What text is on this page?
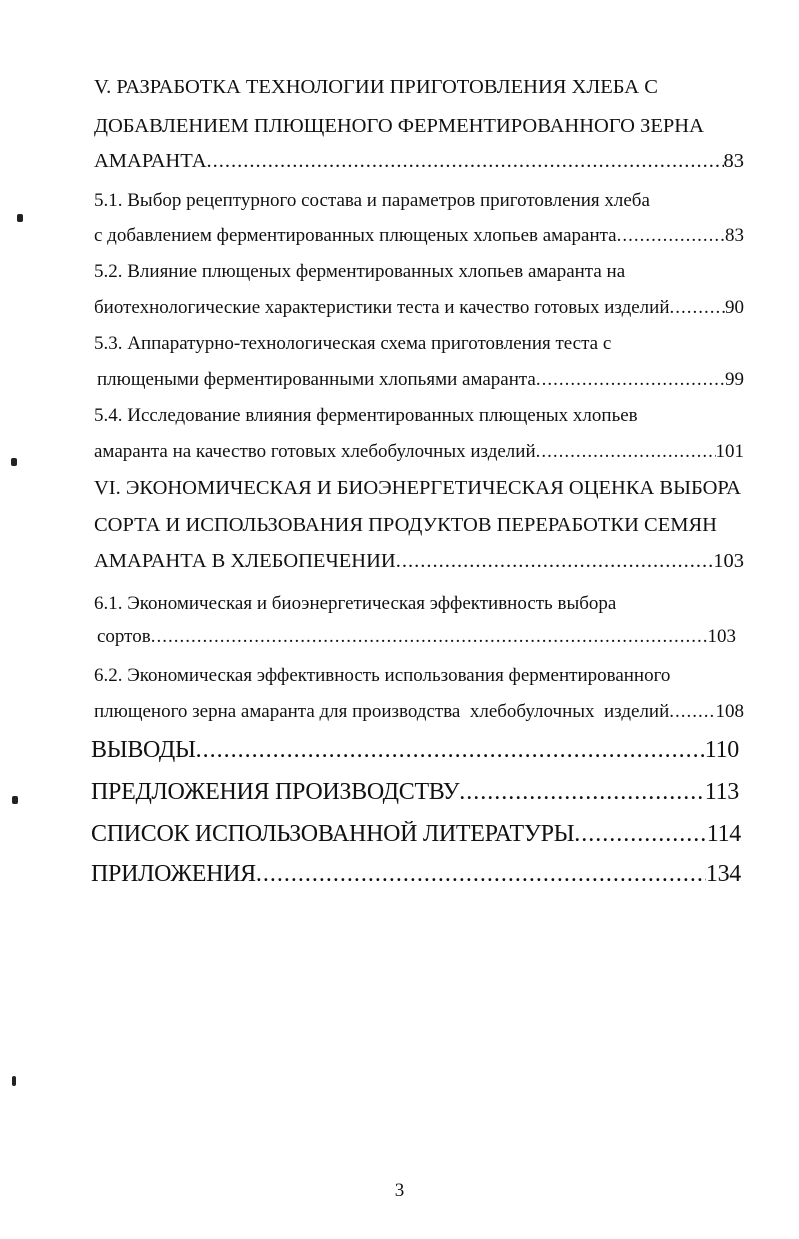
V. РАЗРАБОТКА ТЕХНОЛОГИИ ПРИГОТОВЛЕНИЯ ХЛЕБА С
ДОБАВЛЕНИЕМ ПЛЮЩЕНОГО ФЕРМЕНТИРОВАННОГО ЗЕРНА
АМАРАНТА .....	83
5.1. Выбор рецептурного состава и параметров приготовления хлеба
с добавлением ферментированных плющеных хлопьев амаранта .....	83
5.2. Влияние плющеных ферментированных хлопьев амаранта на
биотехнологические характеристики теста и качество готовых изделий .....	90
5.3. Аппаратурно-технологическая схема приготовления теста с
плющеными ферментированными хлопьями амаранта .....	99
5.4. Исследование влияния ферментированных плющеных хлопьев
амаранта на качество готовых хлебобулочных изделий .....	101
VI. ЭКОНОМИЧЕСКАЯ И БИОЭНЕРГЕТИЧЕСКАЯ ОЦЕНКА ВЫБОРА
СОРТА И ИСПОЛЬЗОВАНИЯ ПРОДУКТОВ ПЕРЕРАБОТКИ СЕМЯН
АМАРАНТА В ХЛЕБОПЕЧЕНИИ .....	103
6.1. Экономическая и биоэнергетическая эффективность выбора
сортов .....	103
6.2. Экономическая эффективность использования ферментированного
плющеного зерна амаранта для производства  хлебобулочных  изделий ..... 108
ВЫВОДЫ .....	110
ПРЕДЛОЖЕНИЯ ПРОИЗВОДСТВУ .....	113
СПИСОК ИСПОЛЬЗОВАННОЙ ЛИТЕРАТУРЫ .....	114
ПРИЛОЖЕНИЯ .....	134
3
